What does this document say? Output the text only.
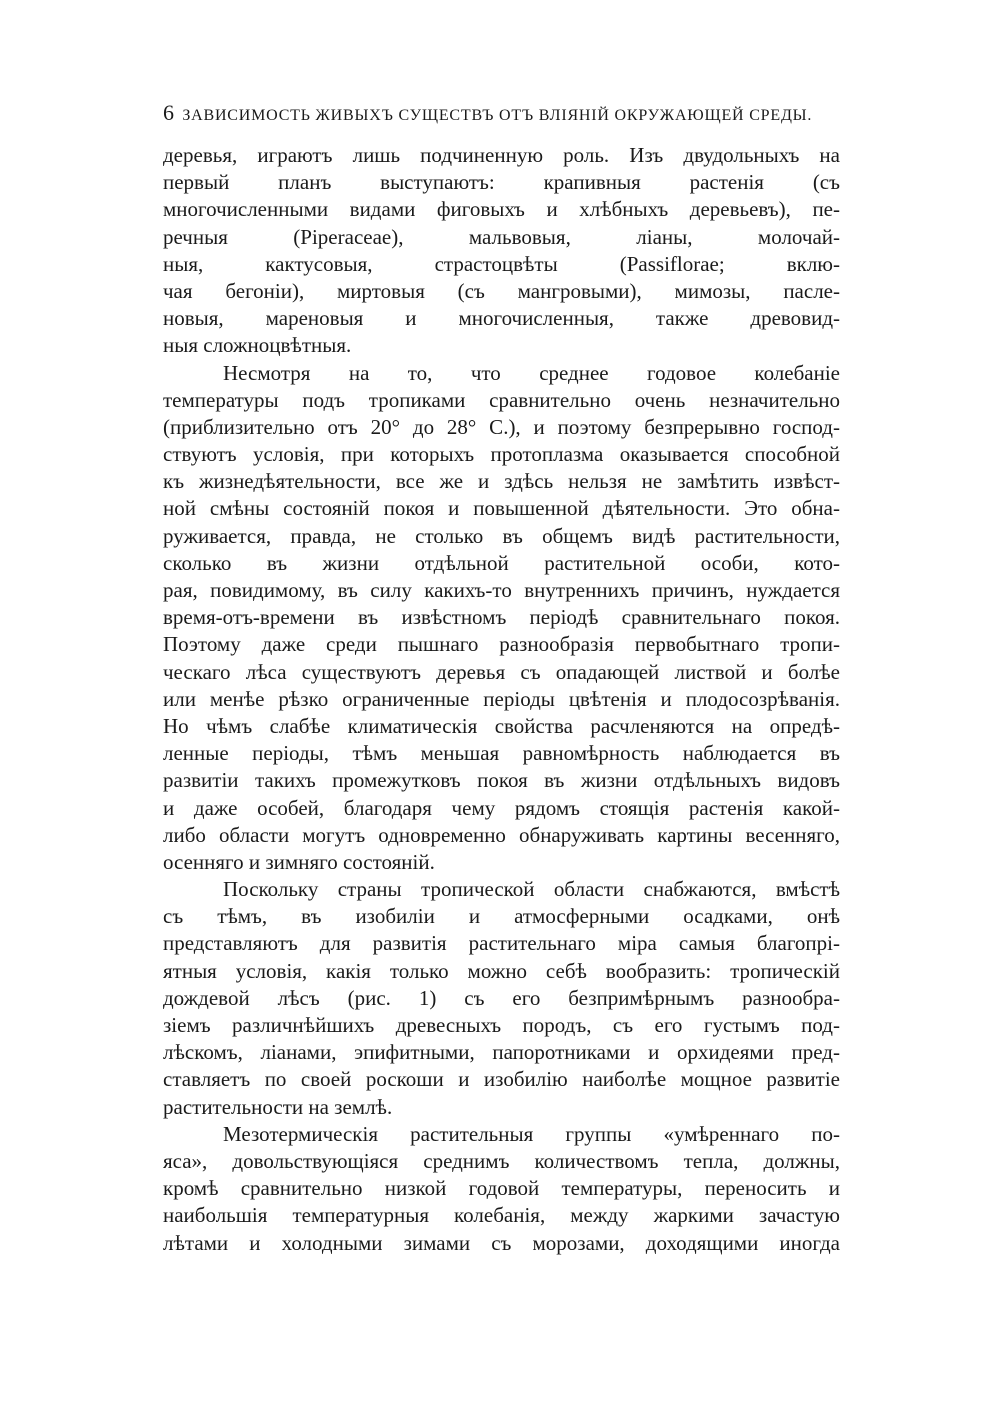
6 ЗАВИСИМОСТЬ ЖИВЫХЪ СУЩЕСТВЪ ОТЪ ВЛІЯНІЙ ОКРУЖАЮЩЕЙ СРЕДЫ.
деревья, играютъ лишь подчиненную роль. Изъ двудольныхъ на
первый планъ выступаютъ: крапивныя растенія (съ
многочисленными видами фиговыхъ и хлѣбныхъ деревьевъ), пе-
речныя (Piperaceae), мальвовыя, ліаны, молочай-
ныя, кактусовыя, страстоцвѣты (Passiflorae; вклю-
чая бегоніи), миртовыя (съ мангровыми), мимозы, пасле-
новыя, мареновыя и многочисленныя, также древовид-
ныя сложноцвѣтныя.
Несмотря на то, что среднее годовое колебаніе
температуры подъ тропиками сравнительно очень незначительно
(приблизительно отъ 20° до 28° С.), и поэтому безпрерывно господ-
ствуютъ условія, при которыхъ протоплазма оказывается способной
къ жизнедѣятельности, все же и здѣсь нельзя не замѣтить извѣст-
ной смѣны состояній покоя и повышенной дѣятельности. Это обна-
руживается, правда, не столько въ общемъ видѣ растительности,
сколько въ жизни отдѣльной растительной особи, кото-
рая, повидимому, въ силу какихъ-то внутреннихъ причинъ, нуждается
время-отъ-времени въ извѣстномъ періодѣ сравнительнаго покоя.
Поэтому даже среди пышнаго разнообразія первобытнаго тропи-
ческаго лѣса существуютъ деревья съ опадающей листвой и болѣе
или менѣе рѣзко ограниченные періоды цвѣтенія и плодосозрѣванія.
Но чѣмъ слабѣе климатическія свойства расчленяются на опредѣ-
ленные періоды, тѣмъ меньшая равномѣрность наблюдается въ
развитіи такихъ промежутковъ покоя въ жизни отдѣльныхъ видовъ
и даже особей, благодаря чему рядомъ стоящія растенія какой-
либо области могутъ одновременно обнаруживать картины весенняго,
осенняго и зимняго состояній.
Поскольку страны тропической области снабжаются, вмѣстѣ
съ тѣмъ, въ изобиліи и атмосферными осадками, онѣ
представляютъ для развитія растительнаго міра самыя благопрі-
ятныя условія, какія только можно себѣ вообразить: тропическій
дождевой лѣсъ (рис. 1) съ его безпримѣрнымъ разнообра-
зіемъ различнѣйшихъ древесныхъ породъ, съ его густымъ под-
лѣскомъ, ліанами, эпифитными, папоротниками и орхидеями пред-
ставляетъ по своей роскоши и изобилію наиболѣе мощное развитіе
растительности на землѣ.
Мезотермическія растительныя группы «умѣреннаго по-
яса», довольствующіяся среднимъ количествомъ тепла, должны,
кромѣ сравнительно низкой годовой температуры, переносить и
наибольшія температурныя колебанія, между жаркими зачастую
лѣтами и холодными зимами съ морозами, доходящими иногда
